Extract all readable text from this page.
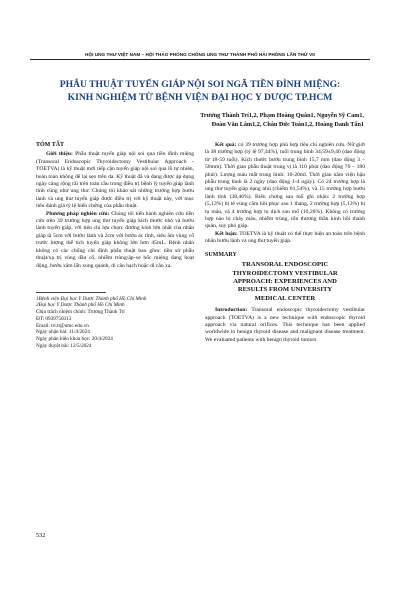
HỘI UNG THƯ VIỆT NAM – HỘI THẢO PHÒNG CHỐNG UNG THƯ THÀNH PHỐ HẢI PHÒNG LẦN THỨ VII
PHẪU THUẬT TUYẾN GIÁP NỘI SOI NGÃ TIỀN ĐÌNH MIỆNG:
KINH NGHIỆM TỪ BỆNH VIỆN ĐẠI HỌC Y DƯỢC TP.HCM
Trương Thành Trí1,2, Phạm Hoàng Quân1, Nguyễn Sỹ Cam1,
Đoàn Văn Lâm1,2, Châu Đức Toàn1,2, Hoàng Danh Tấn1

TÓM TẮT

Giới thiệu: Phẫu thuật tuyến giáp nội soi qua tiền đình miệng (Transoral Endoscopic Thyroidectomy Vestibular Approach - TOETVA) là kỹ thuật mới tiếp cận tuyến giáp nội soi qua lỗ tự nhiên, hoàn toàn không để lại sẹo trên da. Kỹ thuật đã và đang được áp dụng ngày càng rộng rãi trên toàn cầu trong điều trị bệnh lý tuyến giáp lành tính cũng như ung thư. Chúng tôi khảo sát những trường hợp bướu lành và ung thư tuyến giáp được điều trị với kỹ thuật này, với mục tiêu đánh giá tỷ lệ biến chứng của phẫu thuật.

Phương pháp nghiên cứu: Chúng tôi tiến hành nghiên cứu tiền cứu trên 39 trường hợp ung thư tuyến giáp kích thước nhỏ và bướu lành tuyến giáp, với tiêu chí lựa chọn: đường kính lớn nhất của nhân giáp là 5cm với bướu lành và 2cm với bướu ác tính, siêu âm vùng cổ trước lượng thể tích tuyến giáp không lớn hơn 45mL. Bệnh nhân không có các chống chỉ định phẫu thuật bao gồm: tiền sử phẫu thuật/xạ trị vùng đầu cổ, nhiễm trùng/áp-xe hốc miệng đang hoạt động, bướu xâm lấn xung quanh, di căn hạch hoặc di căn xa.

1Bệnh viện Đại học Y Dược Thành phố Hồ Chí Minh

2Đại học Y Dược Thành phố Hồ Chí Minh

Chịu trách nhiệm chính: Trương Thành Trí

ĐT: 0939750313

Email: tri.tt@umc.edu.vn

Ngày nhận bài: 11/4/2024

Ngày phản biện khoa học: 20/4/2024

Ngày duyệt bài: 12/5/2024

Kết quả: có 39 trường hợp phù hợp tiêu chí nghiên cứu. Nữ giới là 38 trường hợp (tỷ lệ 97,44%), tuổi trung bình 34,59±9,40 (dao động từ 18-59 tuổi). Kích thước bướu trung bình 15,7 mm (dao động 3 – 50mm). Thời gian phẫu thuật trung vị là 110 phút (dao động 70 – 180 phút). Lượng máu mất trung bình: 10-20ml. Thời gian nằm viện hậu phẫu trung bình là 2 ngày (dao động 1-4 ngày). Có 24 trường hợp là ung thư tuyến giáp dạng nhú (chiếm 61,54%), và 15 trường hợp bướu lành tính (38,46%). Biến chứng sau mổ ghi nhận: 2 trường hợp (5,13%) bị tê vùng cằm hồi phục sau 1 tháng, 2 trường hợp (5,13%) bị tụ máu, và 4 trường hợp tụ dịch sau mổ (10,26%). Không có trường hợp nào bị cháy máu, nhiễm trùng, tổn thương thần kinh hồi thanh quản, suy phó giáp.

Kết luận: TOETVA là kỹ thuật có thể thực hiện an toàn trên bệnh nhân bướu lành và ung thư tuyến giáp.

SUMMARY

TRANSORAL ENDOSCOPIC
THYROIDECTOMY VESTIBULAR
APPROACH: EXPERIENCES AND
RESULTS FROM UNIVERSITY
MEDICAL CENTER

Introduction: Transoral endoscopic thyroidectomy vestibular approach (TOETVA) is a new technique with endoscopic thyroid approach via natural orifices. This technique has been applied worldwide in benign thyroid disease and malignant disease treatment. We evaluated patients with benign thyroid tumors

532
